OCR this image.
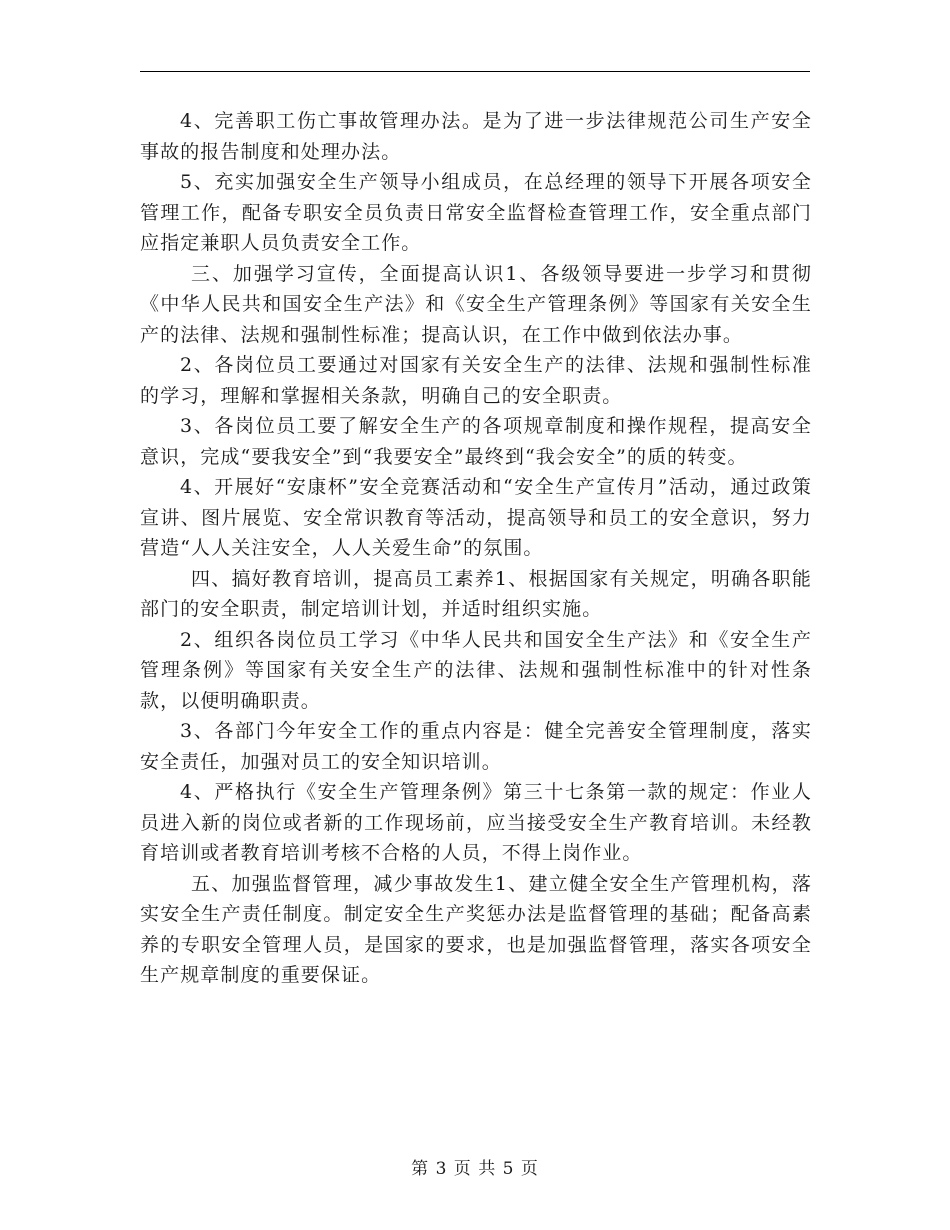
4、完善职工伤亡事故管理办法。是为了进一步法律规范公司生产安全事故的报告制度和处理办法。

5、充实加强安全生产领导小组成员，在总经理的领导下开展各项安全管理工作，配备专职安全员负责日常安全监督检查管理工作，安全重点部门应指定兼职人员负责安全工作。

三、加强学习宣传，全面提高认识1、各级领导要进一步学习和贯彻《中华人民共和国安全生产法》和《安全生产管理条例》等国家有关安全生产的法律、法规和强制性标准；提高认识，在工作中做到依法办事。

2、各岗位员工要通过对国家有关安全生产的法律、法规和强制性标准的学习，理解和掌握相关条款，明确自己的安全职责。

3、各岗位员工要了解安全生产的各项规章制度和操作规程，提高安全意识，完成“要我安全”到“我要安全”最终到“我会安全”的质的转变。

4、开展好“安康杯”安全竞赛活动和“安全生产宣传月”活动，通过政策宣讲、图片展览、安全常识教育等活动，提高领导和员工的安全意识，努力营造“人人关注安全，人人关爱生命”的氛围。

四、搞好教育培训，提高员工素养1、根据国家有关规定，明确各职能部门的安全职责，制定培训计划，并适时组织实施。

2、组织各岗位员工学习《中华人民共和国安全生产法》和《安全生产管理条例》等国家有关安全生产的法律、法规和强制性标准中的针对性条款，以便明确职责。

3、各部门今年安全工作的重点内容是：健全完善安全管理制度，落实安全责任，加强对员工的安全知识培训。

4、严格执行《安全生产管理条例》第三十七条第一款的规定：作业人员进入新的岗位或者新的工作现场前，应当接受安全生产教育培训。未经教育培训或者教育培训考核不合格的人员，不得上岗作业。

五、加强监督管理，减少事故发生1、建立健全安全生产管理机构，落实安全生产责任制度。制定安全生产奖惩办法是监督管理的基础；配备高素养的专职安全管理人员，是国家的要求，也是加强监督管理，落实各项安全生产规章制度的重要保证。

第 3 页 共 5 页
